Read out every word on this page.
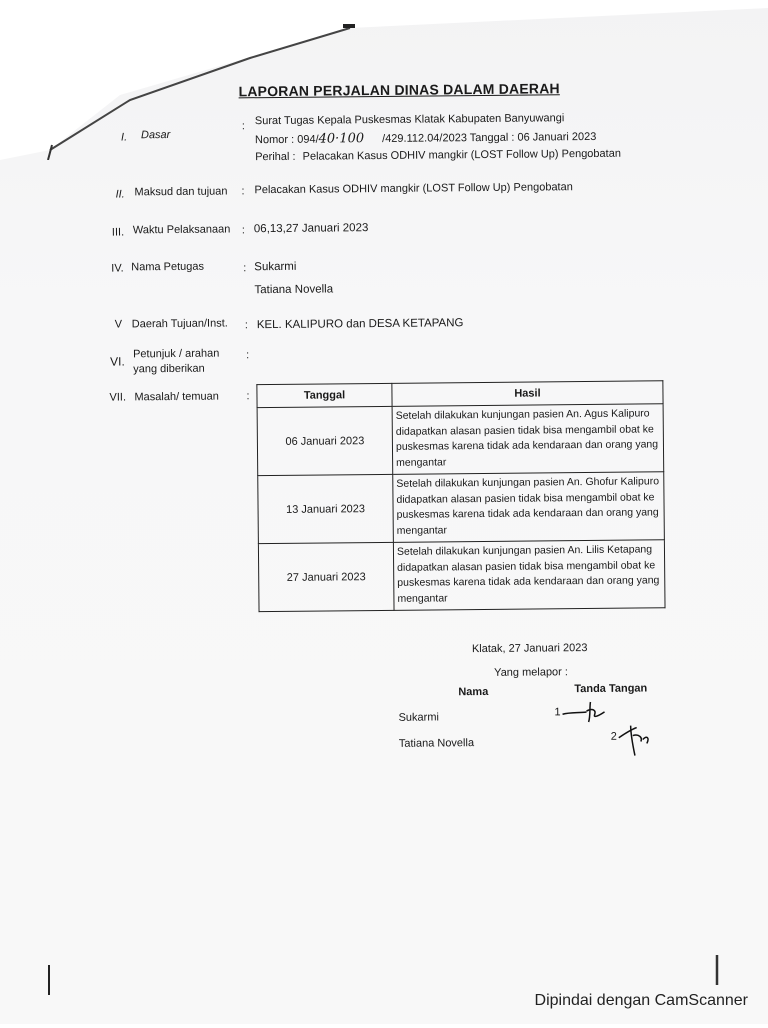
LAPORAN PERJALAN DINAS DALAM DAERAH
I. Dasar
: Surat Tugas Kepala Puskesmas Klatak Kabupaten Banyuwangi
Nomor : 094/40·100 /429.112.04/2023 Tanggal : 06 Januari 2023
Perihal : Pelacakan Kasus ODHIV mangkir (LOST Follow Up) Pengobatan
II. Maksud dan tujuan : Pelacakan Kasus ODHIV mangkir (LOST Follow Up) Pengobatan
III. Waktu Pelaksanaan : 06,13,27 Januari 2023
IV. Nama Petugas	: Sukarmi
Tatiana Novella
V Daerah Tujuan/Inst. : KEL. KALIPURO dan DESA KETAPANG
VI.
Petunjuk / arahan yang diberikan
:
VII. Masalah/ temuan :	Tanggal	Hasil
06 Januari 2023	Setelah dilakukan kunjungan pasien An. Agus Kalipuro didapatkan alasan pasien tidak bisa mengambil obat ke puskesmas karena tidak ada kendaraan dan orang yang mengantar
13 Januari 2023	Setelah dilakukan kunjungan pasien An. Ghofur Kalipuro didapatkan alasan pasien tidak bisa mengambil obat ke puskesmas karena tidak ada kendaraan dan orang yang mengantar
27 Januari 2023	Setelah dilakukan kunjungan pasien An. Lilis Ketapang didapatkan alasan pasien tidak bisa mengambil obat ke puskesmas karena tidak ada kendaraan dan orang yang mengantar
Klatak, 27 Januari 2023
Yang melapor :
Nama	Tanda Tangan
Sukarmi
Tatiana Novella
1
2
Dipindai dengan CamScanner
